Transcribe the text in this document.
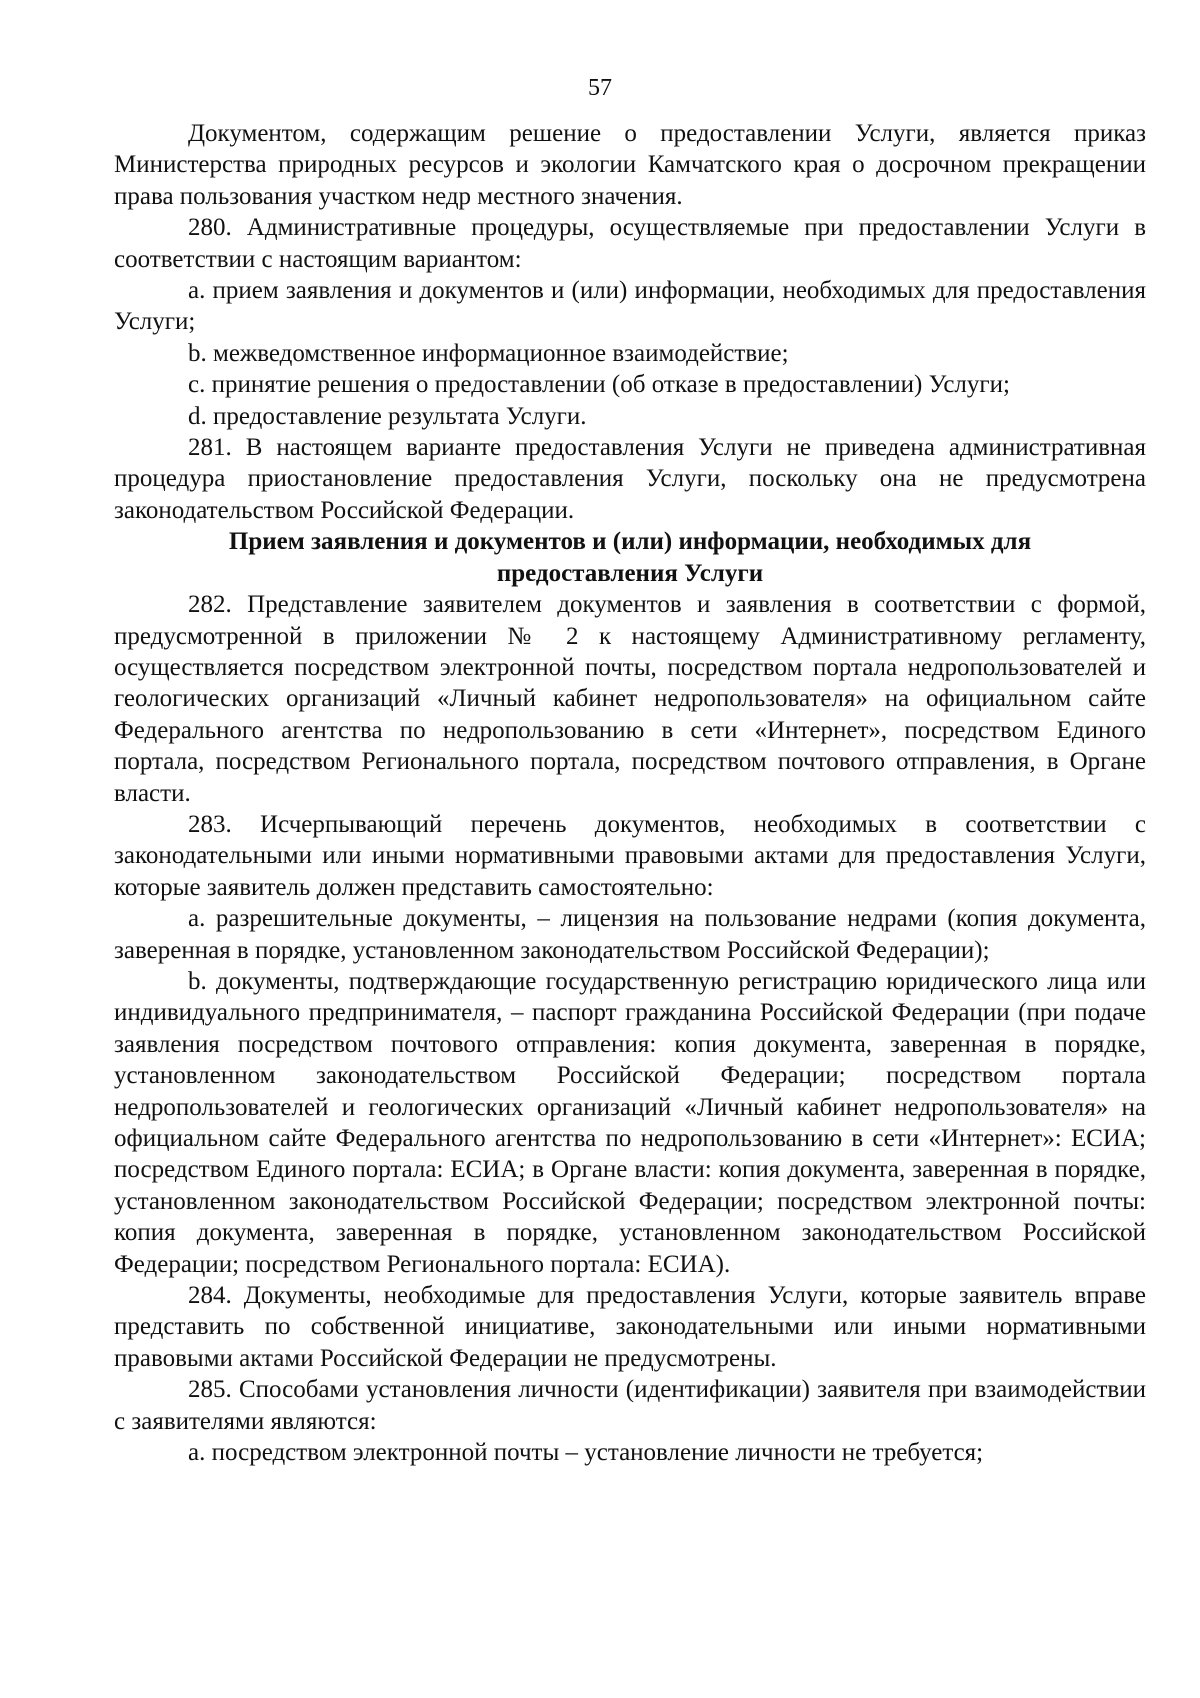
57

Документом, содержащим решение о предоставлении Услуги, является приказ Министерства природных ресурсов и экологии Камчатского края о досрочном прекращении права пользования участком недр местного значения.

280. Административные процедуры, осуществляемые при предоставлении Услуги в соответствии с настоящим вариантом:

a. прием заявления и документов и (или) информации, необходимых для предоставления Услуги;

b. межведомственное информационное взаимодействие;

c. принятие решения о предоставлении (об отказе в предоставлении) Услуги;

d. предоставление результата Услуги.

281. В настоящем варианте предоставления Услуги не приведена административная процедура приостановление предоставления Услуги, поскольку она не предусмотрена законодательством Российской Федерации.

Прием заявления и документов и (или) информации, необходимых для
предоставления Услуги

282. Представление заявителем документов и заявления в соответствии с формой, предусмотренной в приложении № 2 к настоящему Административному регламенту, осуществляется посредством электронной почты, посредством портала недропользователей и геологических организаций «Личный кабинет недропользователя» на официальном сайте Федерального агентства по недропользованию в сети «Интернет», посредством Единого портала, посредством Регионального портала, посредством почтового отправления, в Органе власти.

283. Исчерпывающий перечень документов, необходимых в соответствии с законодательными или иными нормативными правовыми актами для предоставления Услуги, которые заявитель должен представить самостоятельно:

a. разрешительные документы, – лицензия на пользование недрами (копия документа, заверенная в порядке, установленном законодательством Российской Федерации);

b. документы, подтверждающие государственную регистрацию юридического лица или индивидуального предпринимателя, – паспорт гражданина Российской Федерации (при подаче заявления посредством почтового отправления: копия документа, заверенная в порядке, установленном законодательством Российской Федерации; посредством портала недропользователей и геологических организаций «Личный кабинет недропользователя» на официальном сайте Федерального агентства по недропользованию в сети «Интернет»: ЕСИА; посредством Единого портала: ЕСИА; в Органе власти: копия документа, заверенная в порядке, установленном законодательством Российской Федерации; посредством электронной почты: копия документа, заверенная в порядке, установленном законодательством Российской Федерации; посредством Регионального портала: ЕСИА).

284. Документы, необходимые для предоставления Услуги, которые заявитель вправе представить по собственной инициативе, законодательными или иными нормативными правовыми актами Российской Федерации не предусмотрены.

285. Способами установления личности (идентификации) заявителя при взаимодействии с заявителями являются:

a. посредством электронной почты – установление личности не требуется;
